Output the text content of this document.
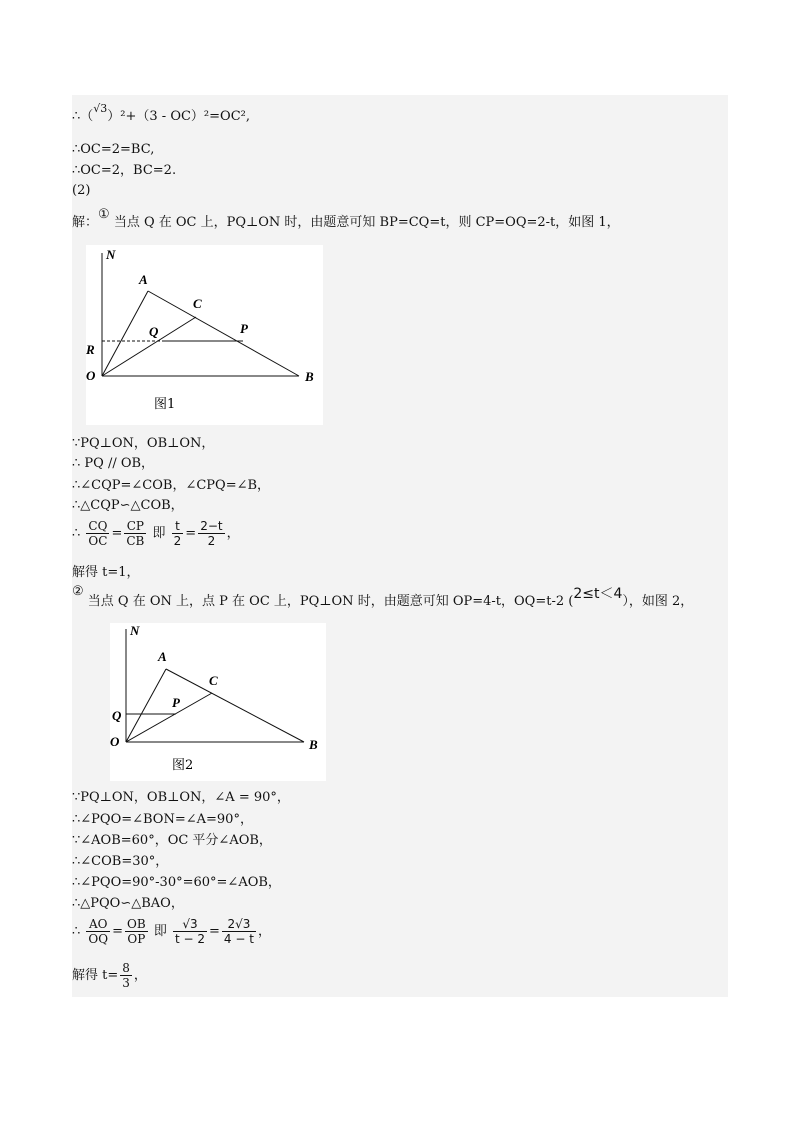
∴（$^{√3}$）²+（3 - OC）²=OC²,
∴OC=2=BC,
∴OC=2，BC=2.
(2)
解：① 当点 Q 在 OC 上，PQ⊥ON 时，由题意可知 BP=CQ=t，则 CP=OQ=2-t，如图 1，
N
A
C
Q	P
R
O	B
图1
∵PQ⊥ON，OB⊥ON，
∴ PQ // OB，
∴∠CQP=∠COB，∠CPQ=∠B，
∴△CQP∽△COB，
∴ $\frac{CQ}{OC} = \frac{CP}{CB}$ 即 $\frac{t}{2} = \frac{2-t}{2}$ ，
解得 t=1，
② 当点 Q 在 ON 上，点 P 在 OC 上，PQ⊥ON 时，由题意可知 OP=4-t，OQ=t-2 (2≤t＜4），如图 2，
N
A
C
P
Q
O	B
图2
∵PQ⊥ON，OB⊥ON，∠A = 90°，
∴∠PQO=∠BON=∠A=90°，
∵∠AOB=60°，OC 平分∠AOB，
∴∠COB=30°，
∴∠PQO=90°-30°=60°=∠AOB，
∴△PQO∽△BAO，
∴ $\frac{AO}{OQ} = \frac{OB}{OP}$ 即 $\frac{√3}{t - 2} = \frac{2√3}{4 - t}$ ，
解得 $t= \frac{8}{3}$ ，
